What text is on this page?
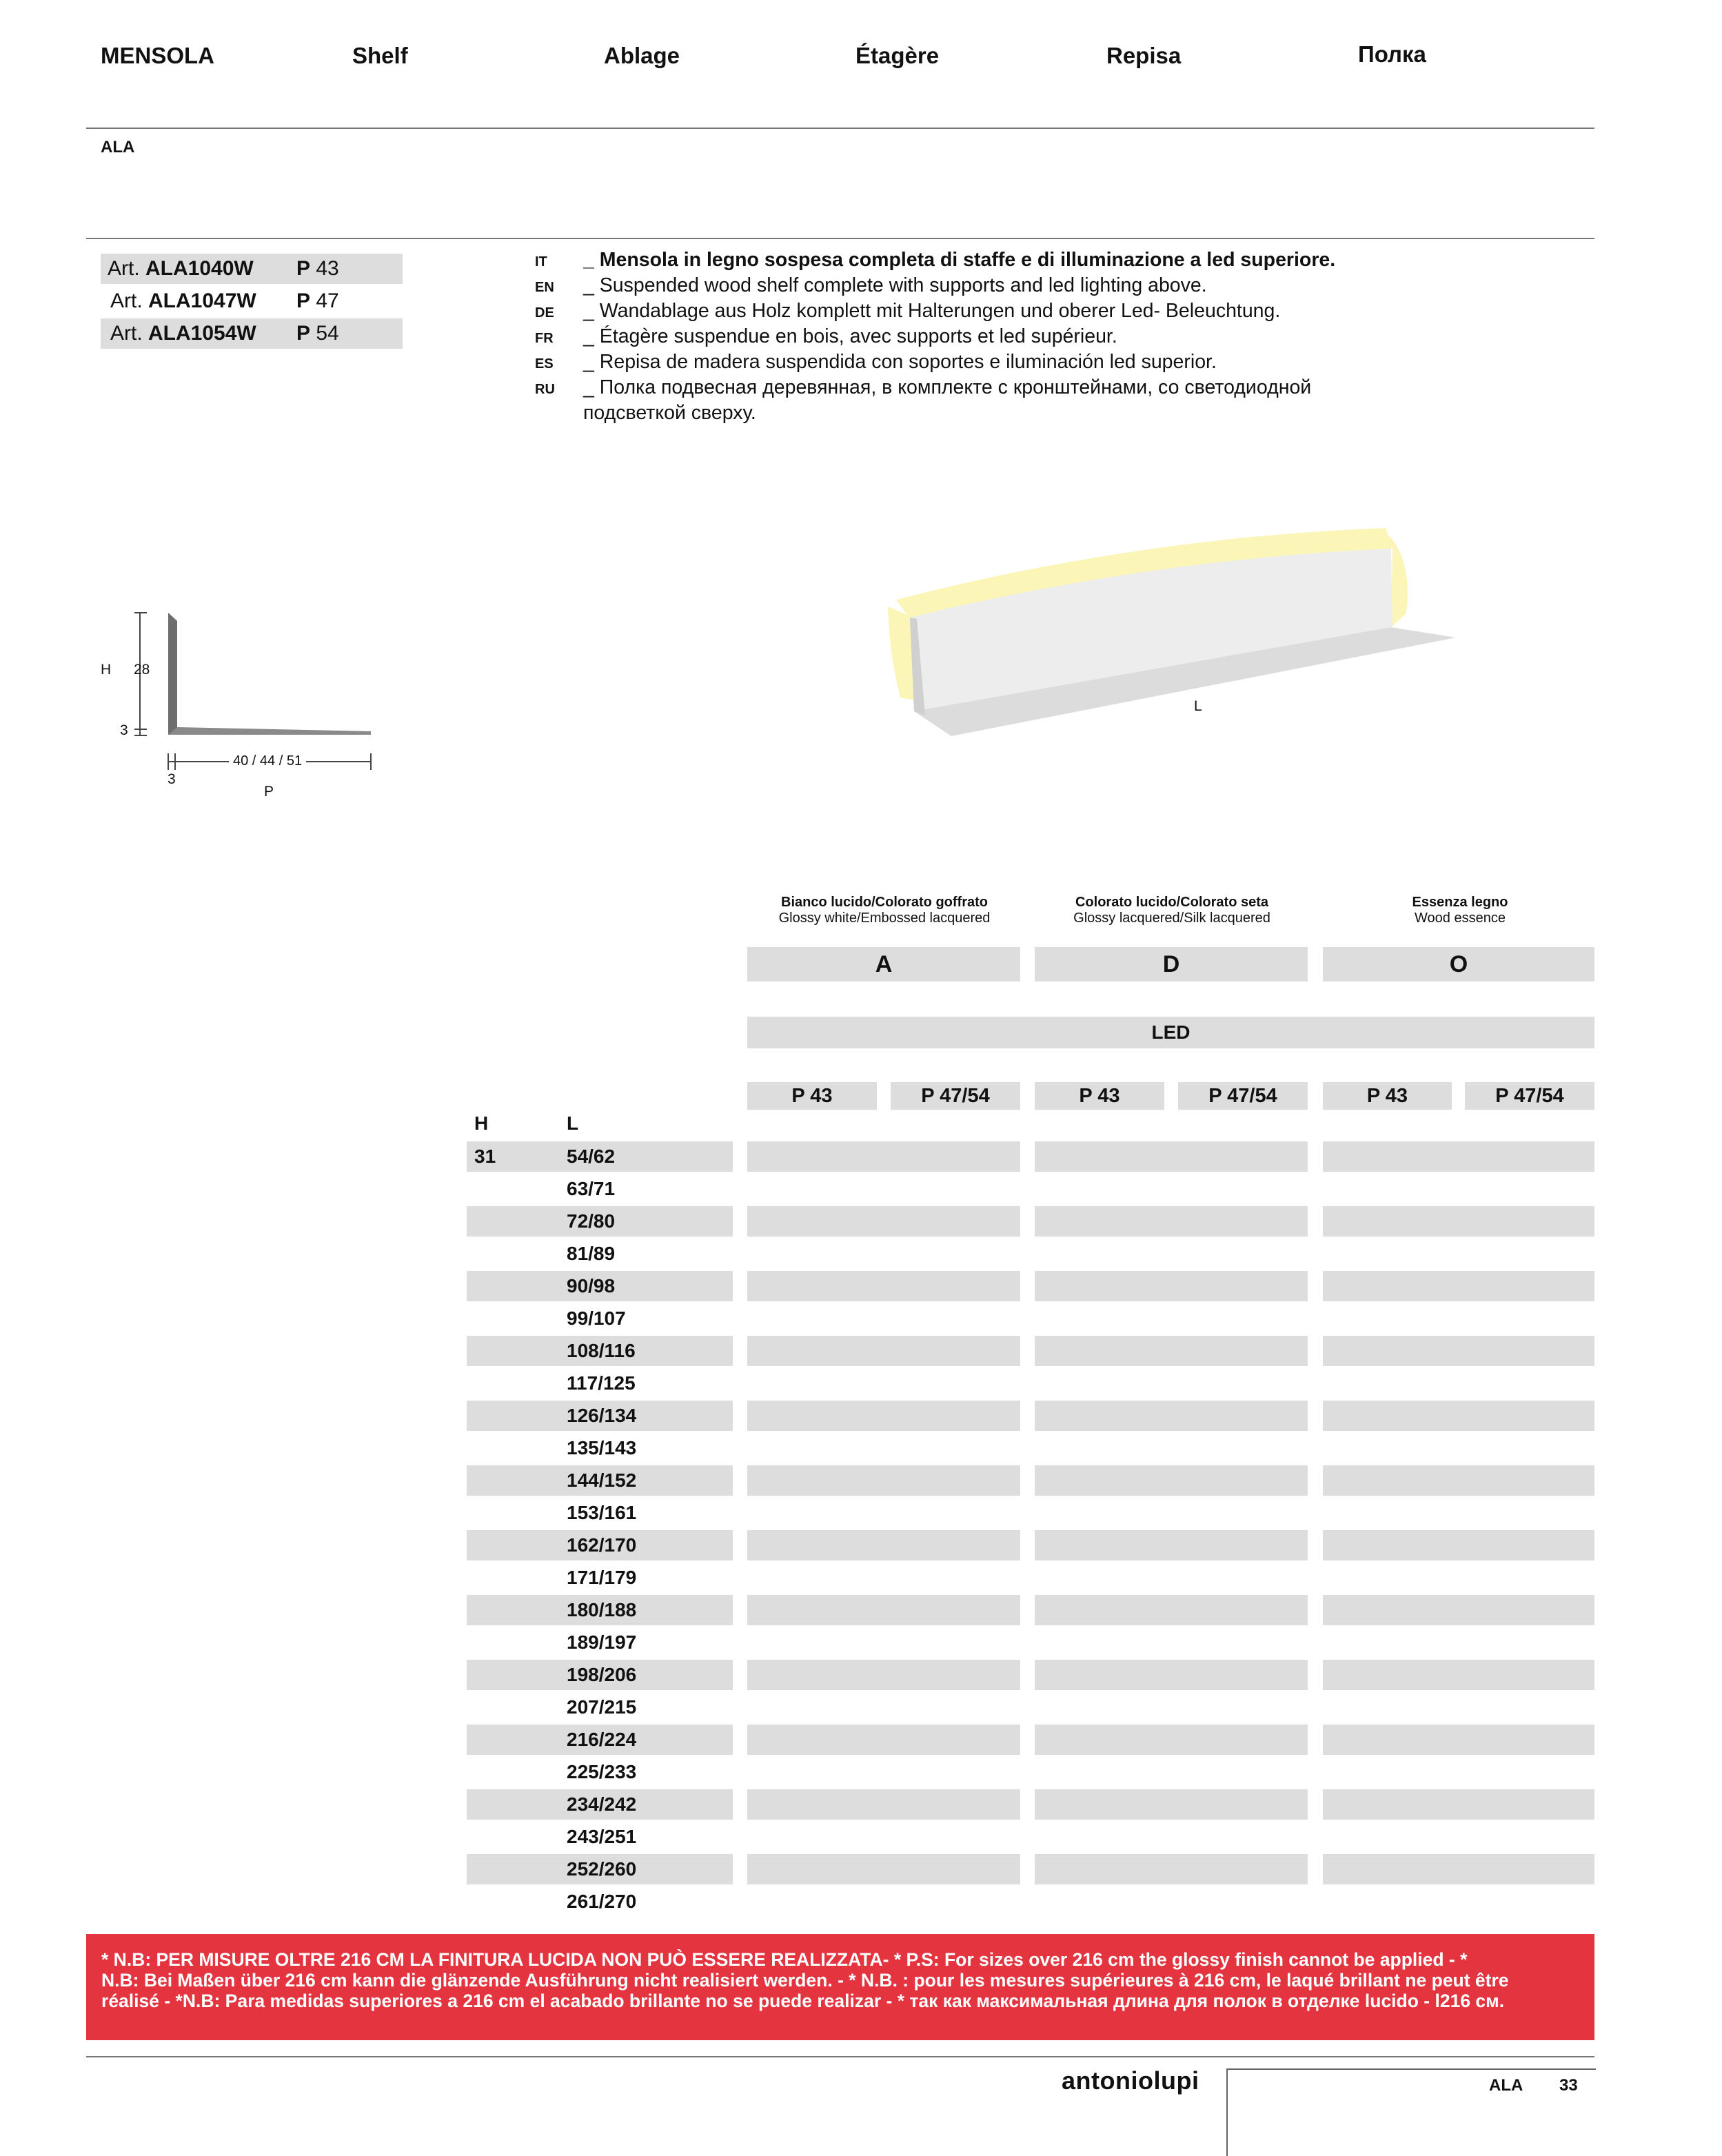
MENSOLA	Shelf	Ablage	Étagère	Repisa	Полка
ALA
Art. ALA1040W P 43
Art. ALA1047W P 47
Art. ALA1054W P 54
IT	_ Mensola in legno sospesa completa di staffe e di illuminazione a led superiore.
EN	_ Suspended wood shelf complete with supports and led lighting above.
DE	_ Wandablage aus Holz komplett mit Halterungen und oberer Led- Beleuchtung.
FR	_ Étagère suspendue en bois, avec supports et led supérieur.
ES	_ Repisa de madera suspendida con soportes e iluminación led superior.
RU	_ Полка подвесная деревянная, в комплекте с кронштейнами, со светодиодной
подсветкой сверху.
H 28
3
40 / 44 / 51
3
P
L
Bianco lucido/Colorato goffrato
Glossy white/Embossed lacquered
Colorato lucido/Colorato seta
Glossy lacquered/Silk lacquered
Essenza legno
Wood essence
A	D	O
LED
P 43	P 47/54	P 43	P 47/54	P 43	P 47/54
H	L
31	54/62
63/71
72/80
81/89
90/98
99/107
108/116
117/125
126/134
135/143
144/152
153/161
162/170
171/179
180/188
189/197
198/206
207/215
216/224
225/233
234/242
243/251
252/260
261/270
* N.B: PER MISURE OLTRE 216 CM LA FINITURA LUCIDA NON PUÒ ESSERE REALIZZATA- * P.S: For sizes over 216 cm the glossy finish cannot be applied - *
N.B: Bei Maßen über 216 cm kann die glänzende Ausführung nicht realisiert werden. - * N.B. : pour les mesures supérieures à 216 cm, le laqué brillant ne peut être
réalisé - *N.B: Para medidas superiores a 216 cm el acabado brillante no se puede realizar - * так как максимальная длина для полок в отделке lucido - l216 см.
antoniolupi	ALA 33
